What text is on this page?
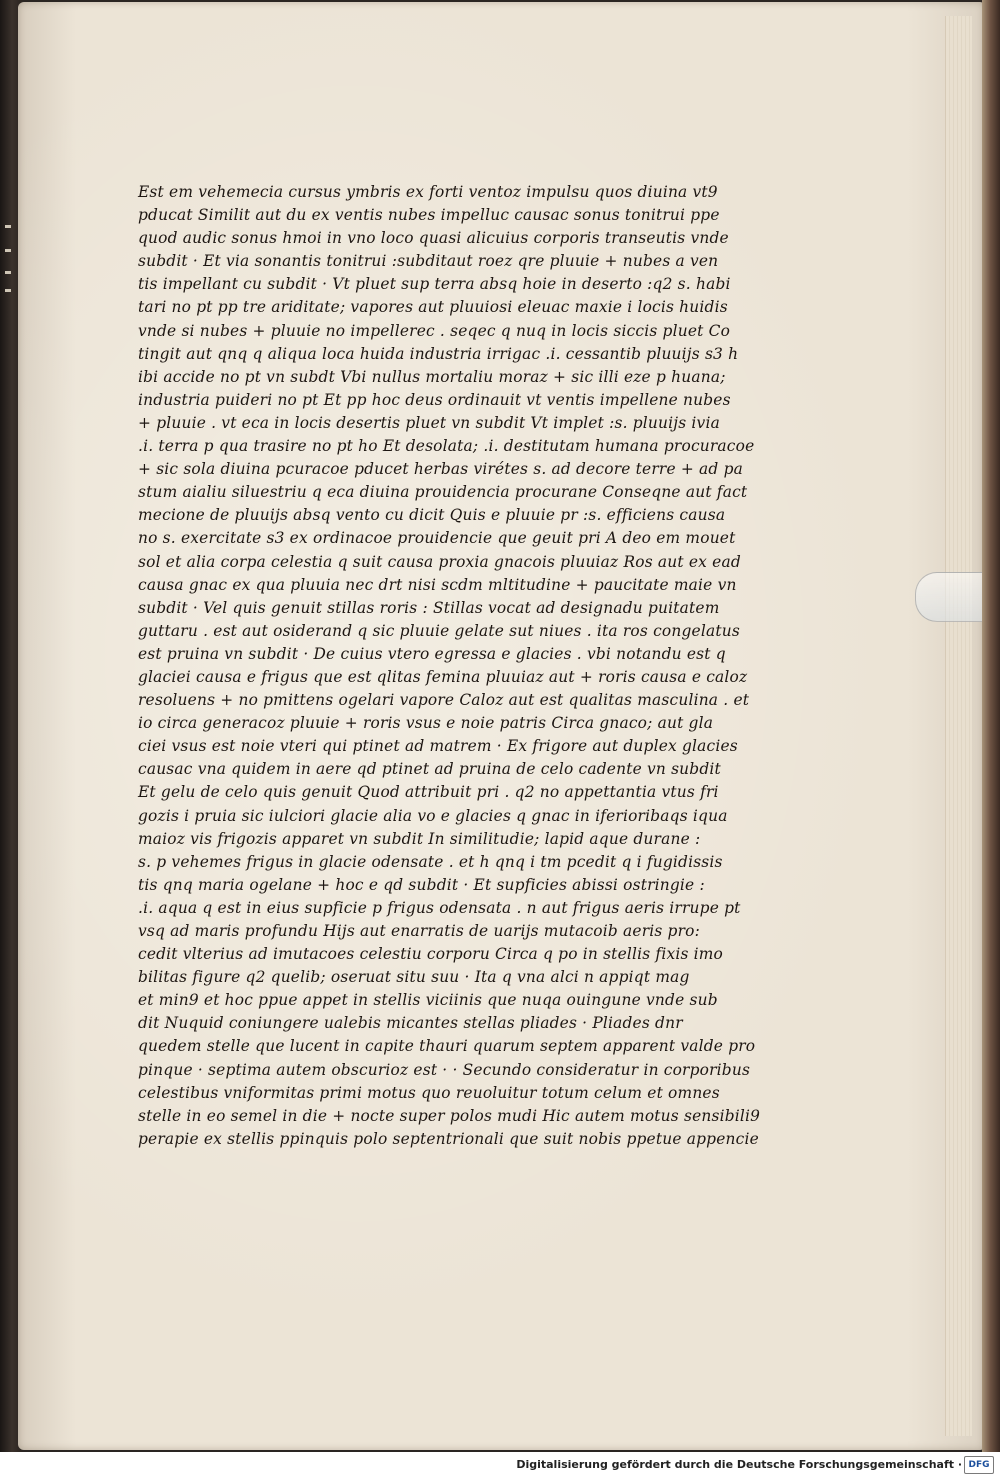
Est em vehemecia cursus ymbris ex forti ventoz impulsu quos diuina vt9
pducat Similit aut du ex ventis nubes impelluc causac sonus tonitrui ppe
quod audic sonus hmoi in vno loco quasi alicuius corporis transeutis vnde
subdit · Et via sonantis tonitrui :subditaut roez qre pluuie + nubes a ven
tis impellant cu subdit · Vt pluet sup terra absq hoie in deserto :q2 s. habi
tari no pt pp tre ariditate; vapores aut pluuiosi eleuac maxie i locis huidis
vnde si nubes + pluuie no impellerec . seqec q nuq in locis siccis pluet Co
tingit aut qnq q aliqua loca huida industria irrigac .i. cessantib pluuijs s3 h
ibi accide no pt vn subdt Vbi nullus mortaliu moraz + sic illi eze p huana;
industria puideri no pt Et pp hoc deus ordinauit vt ventis impellene nubes
+ pluuie . vt eca in locis desertis pluet vn subdit Vt implet :s. pluuijs ivia
.i. terra p qua trasire no pt ho Et desolata; .i. destitutam humana procuracoe
+ sic sola diuina pcuracoe pducet herbas virétes s. ad decore terre + ad pa
stum aialiu siluestriu q eca diuina prouidencia procurane Conseqne aut fact
mecione de pluuijs absq vento cu dicit Quis e pluuie pr :s. efficiens causa
no s. exercitate s3 ex ordinacoe prouidencie que geuit pri A deo em mouet
sol et alia corpa celestia q suit causa proxia gnacois pluuiaz Ros aut ex ead
causa gnac ex qua pluuia nec drt nisi scdm mltitudine + paucitate maie vn
subdit · Vel quis genuit stillas roris : Stillas vocat ad designadu puitatem
guttaru . est aut osiderand q sic pluuie gelate sut niues . ita ros congelatus
est pruina vn subdit · De cuius vtero egressa e glacies . vbi notandu est q
glaciei causa e frigus que est qlitas femina pluuiaz aut + roris causa e caloz
resoluens + no pmittens ogelari vapore Caloz aut est qualitas masculina . et
io circa generacoz pluuie + roris vsus e noie patris Circa gnaco; aut gla
ciei vsus est noie vteri qui ptinet ad matrem · Ex frigore aut duplex glacies
causac vna quidem in aere qd ptinet ad pruina de celo cadente vn subdit
Et gelu de celo quis genuit Quod attribuit pri . q2 no appettantia vtus fri
gozis i pruia sic iulciori glacie alia vo e glacies q gnac in iferioribaqs iqua
maioz vis frigozis apparet vn subdit In similitudie; lapid aque durane :
s. p vehemes frigus in glacie odensate . et h qnq i tm pcedit q i fugidissis
tis qnq maria ogelane + hoc e qd subdit · Et supficies abissi ostringie :
.i. aqua q est in eius supficie p frigus odensata . n aut frigus aeris irrupe pt
vsq ad maris profundu Hijs aut enarratis de uarijs mutacoib aeris pro:
cedit vlterius ad imutacoes celestiu corporu Circa q po in stellis fixis imo
bilitas figure q2 quelib; oseruat situ suu · Ita q vna alci n appiqt mag
et min9 et hoc ppue appet in stellis viciinis que nuqa ouingune vnde sub
dit Nuquid coniungere ualebis micantes stellas pliades · Pliades dnr
quedem stelle que lucent in capite thauri quarum septem apparent valde pro
pinque · septima autem obscurioz est · · Secundo consideratur in corporibus
celestibus vniformitas primi motus quo reuoluitur totum celum et omnes
stelle in eo semel in die + nocte super polos mudi Hic autem motus sensibili9
perapie ex stellis ppinquis polo septentrionali que suit nobis ppetue appencie
Digitalisierung gefördert durch die Deutsche Forschungsgemeinschaft · DFG
